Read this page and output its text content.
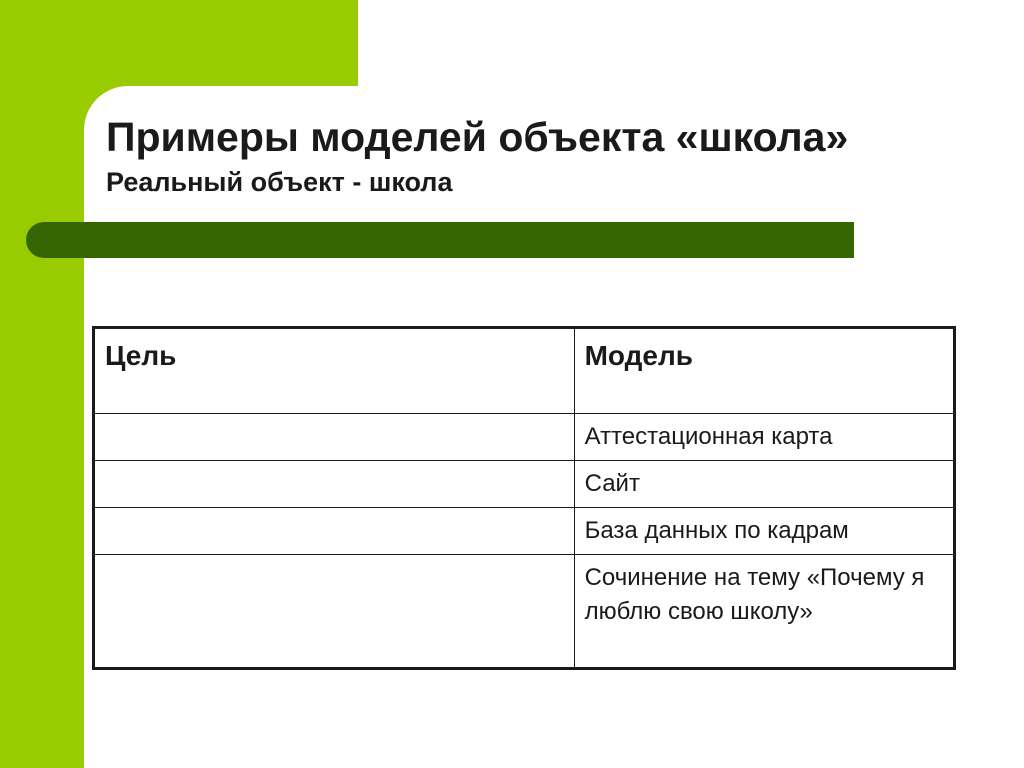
Примеры моделей объекта «школа»
Реальный объект - школа
Цель	Модель
	Аттестационная карта
	Сайт
	База данных по кадрам
	Сочинение на тему «Почему я люблю свою школу»
